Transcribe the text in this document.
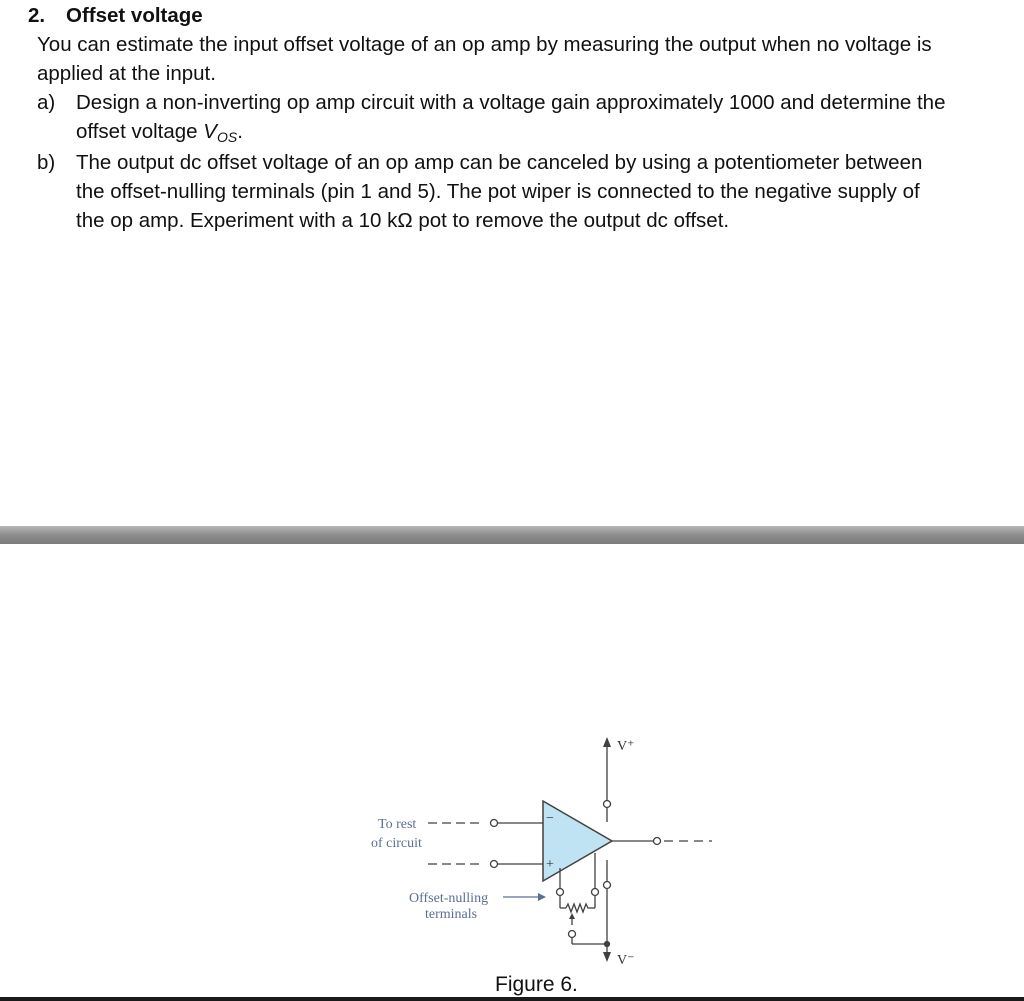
2. Offset voltage
You can estimate the input offset voltage of an op amp by measuring the output when no voltage is
applied at the input.
a) Design a non-inverting op amp circuit with a voltage gain approximately 1000 and determine the
offset voltage VOS.
b) The output dc offset voltage of an op amp can be canceled by using a potentiometer between
the offset-nulling terminals (pin 1 and 5). The pot wiper is connected to the negative supply of
the op amp. Experiment with a 10 kΩ pot to remove the output dc offset.
−
+
V⁺
V⁻
To rest
of circuit
Offset-nulling
terminals
Figure 6.
